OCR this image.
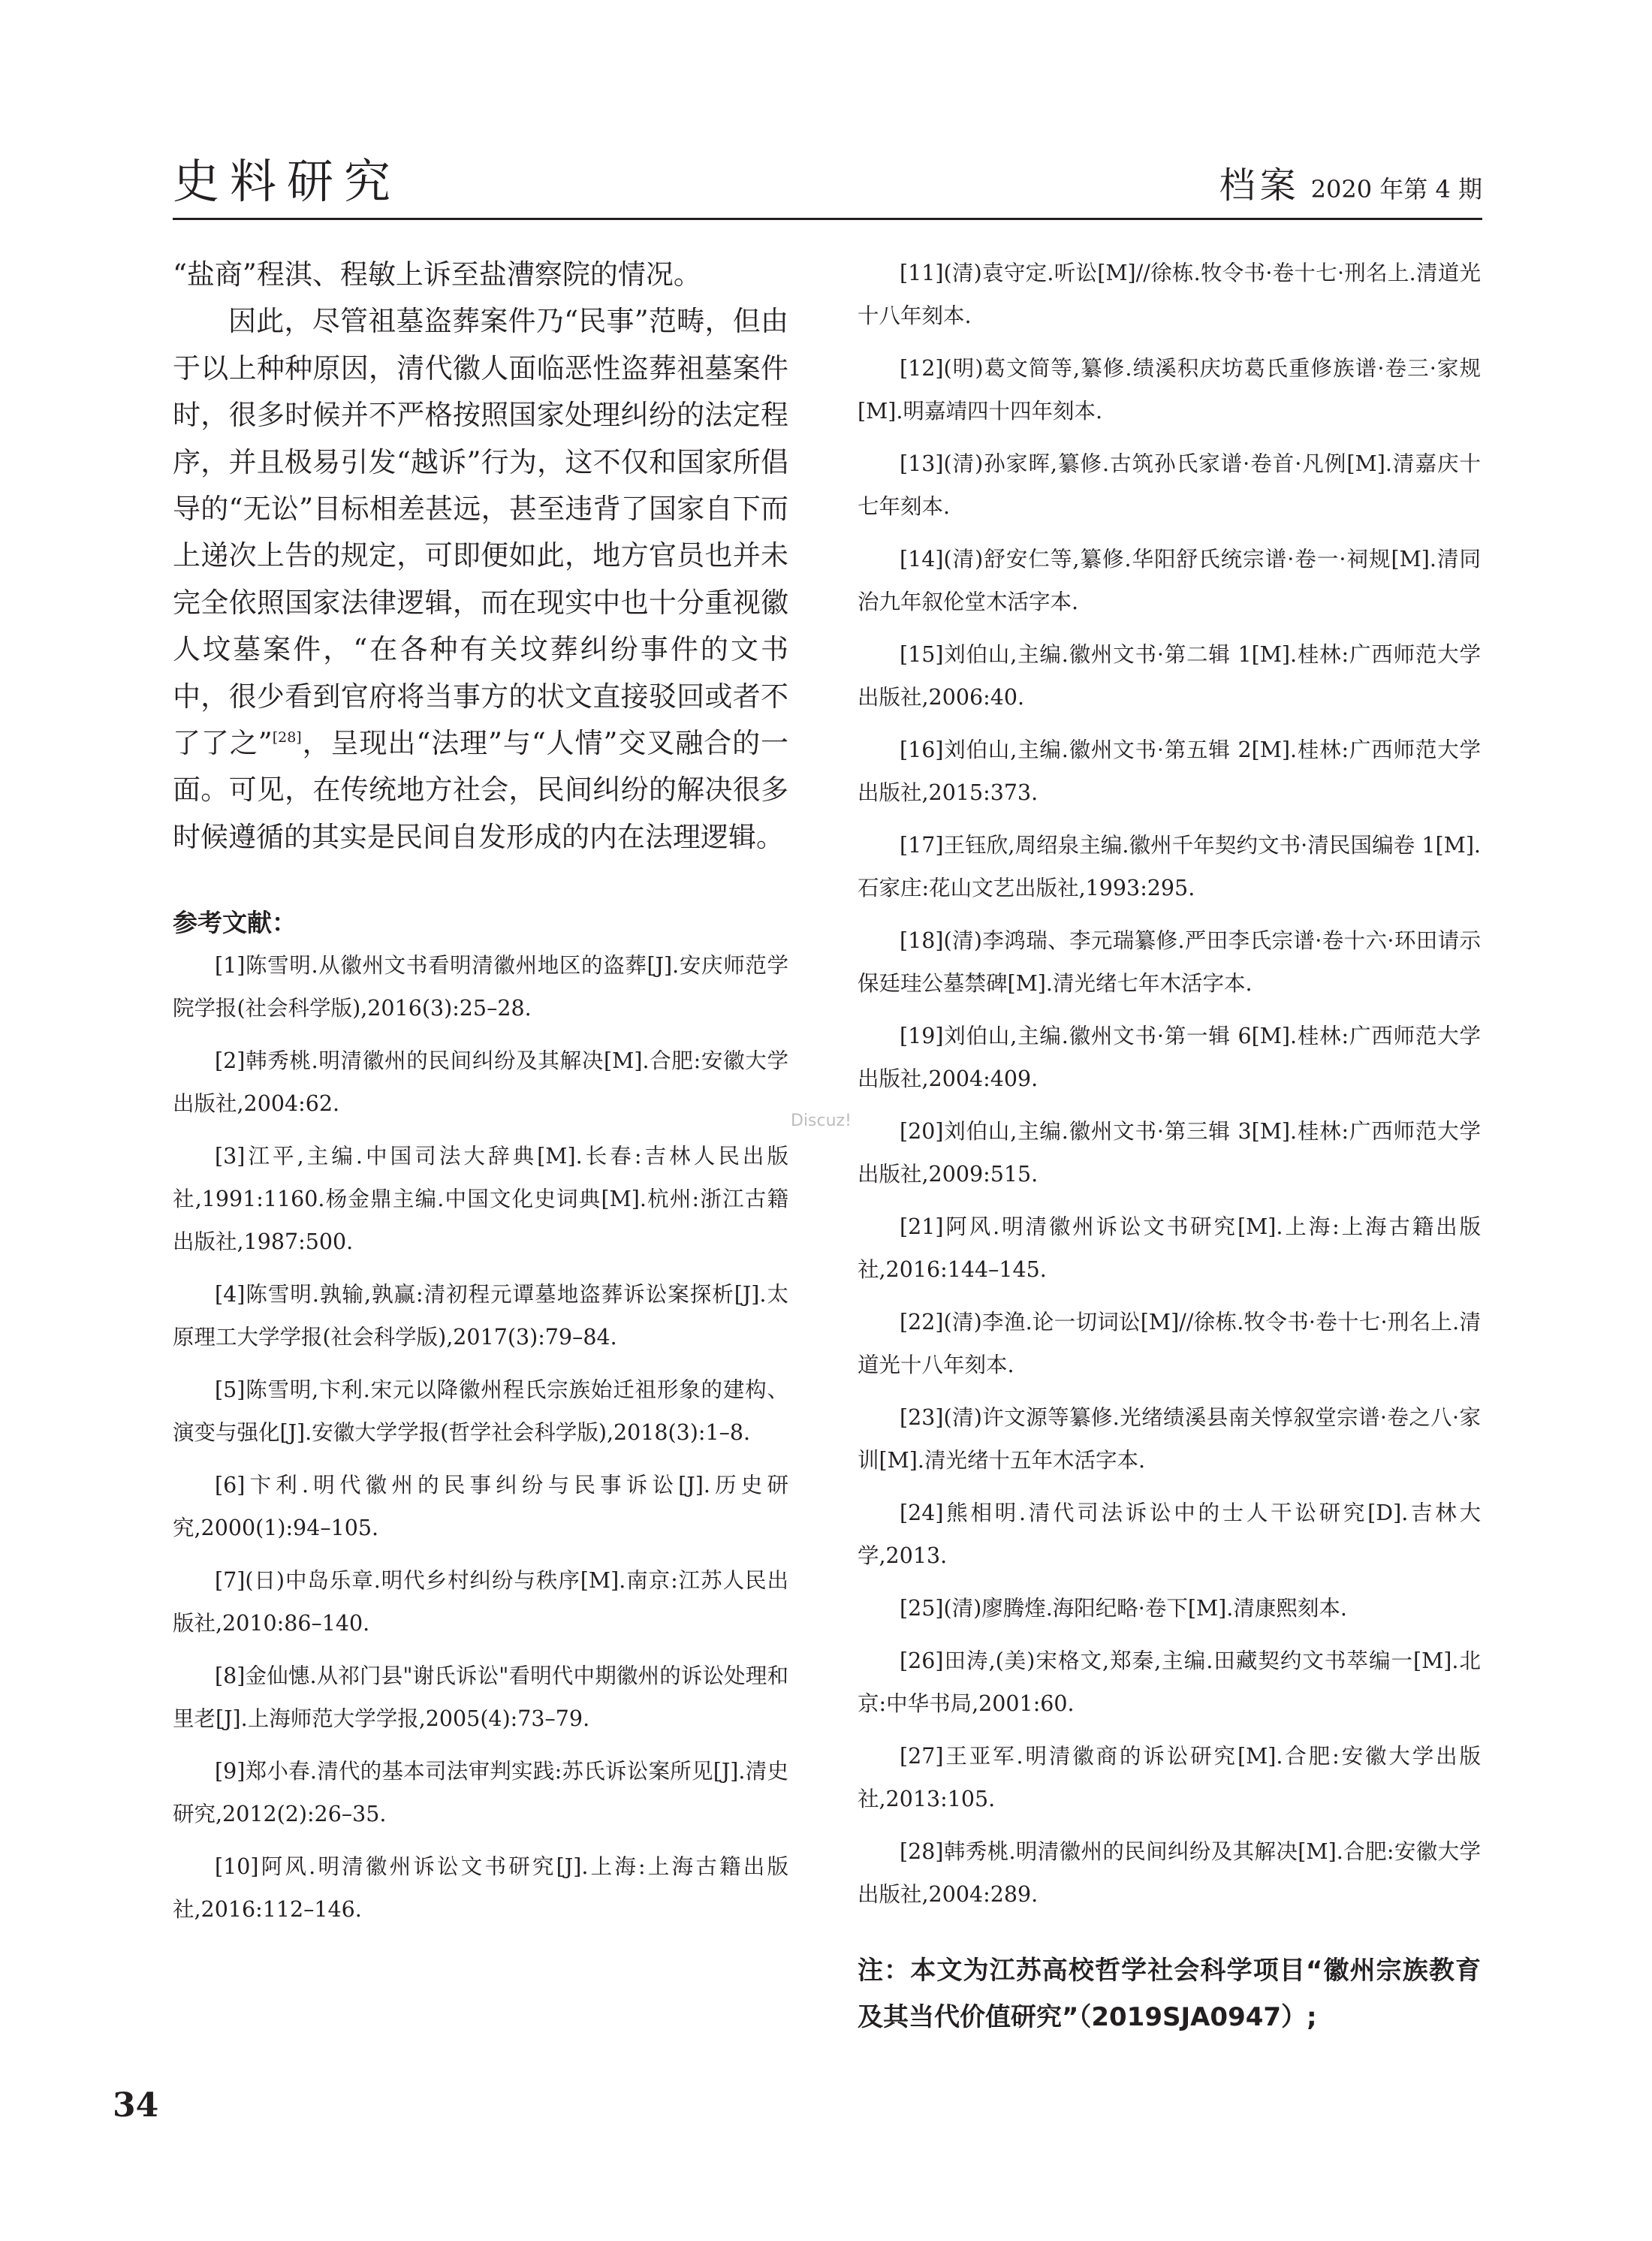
史料研究	档案 2020 年第 4 期

“盐商”程淇、程敏上诉至盐漕察院的情况。

因此，尽管祖墓盗葬案件乃“民事”范畴，但由于以上种种原因，清代徽人面临恶性盗葬祖墓案件时，很多时候并不严格按照国家处理纠纷的法定程序，并且极易引发“越诉”行为，这不仅和国家所倡导的“无讼”目标相差甚远，甚至违背了国家自下而上递次上告的规定，可即便如此，地方官员也并未完全依照国家法律逻辑，而在现实中也十分重视徽人坟墓案件，“在各种有关坟葬纠纷事件的文书中，很少看到官府将当事方的状文直接驳回或者不了了之”[28]，呈现出“法理”与“人情”交叉融合的一面。可见，在传统地方社会，民间纠纷的解决很多时候遵循的其实是民间自发形成的内在法理逻辑。

参考文献：

[1]陈雪明.从徽州文书看明清徽州地区的盗葬[J].安庆师范学院学报(社会科学版),2016(3):25–28.

[2]韩秀桃.明清徽州的民间纠纷及其解决[M].合肥:安徽大学出版社,2004:62.

[3]江平,主编.中国司法大辞典[M].长春:吉林人民出版社,1991:1160.杨金鼎主编.中国文化史词典[M].杭州:浙江古籍出版社,1987:500.

[4]陈雪明.孰输,孰赢:清初程元谭墓地盗葬诉讼案探析[J].太原理工大学学报(社会科学版),2017(3):79–84.

[5]陈雪明,卞利.宋元以降徽州程氏宗族始迁祖形象的建构、演变与强化[J].安徽大学学报(哲学社会科学版),2018(3):1–8.

[6]卞利.明代徽州的民事纠纷与民事诉讼[J].历史研究,2000(1):94–105.

[7](日)中岛乐章.明代乡村纠纷与秩序[M].南京:江苏人民出版社,2010:86–140.

[8]金仙憓.从祁门县"谢氏诉讼"看明代中期徽州的诉讼处理和里老[J].上海师范大学学报,2005(4):73–79.

[9]郑小春.清代的基本司法审判实践:苏氏诉讼案所见[J].清史研究,2012(2):26–35.

[10]阿风.明清徽州诉讼文书研究[J].上海:上海古籍出版社,2016:112–146.

[11](清)袁守定.听讼[M]//徐栋.牧令书·卷十七·刑名上.清道光十八年刻本.

[12](明)葛文简等,纂修.绩溪积庆坊葛氏重修族谱·卷三·家规[M].明嘉靖四十四年刻本.

[13](清)孙家晖,纂修.古筑孙氏家谱·卷首·凡例[M].清嘉庆十七年刻本.

[14](清)舒安仁等,纂修.华阳舒氏统宗谱·卷一·祠规[M].清同治九年叙伦堂木活字本.

[15]刘伯山,主编.徽州文书·第二辑 1[M].桂林:广西师范大学出版社,2006:40.

[16]刘伯山,主编.徽州文书·第五辑 2[M].桂林:广西师范大学出版社,2015:373.

[17]王钰欣,周绍泉主编.徽州千年契约文书·清民国编卷 1[M].石家庄:花山文艺出版社,1993:295.

[18](清)李鸿瑞、李元瑞纂修.严田李氏宗谱·卷十六·环田请示保廷珪公墓禁碑[M].清光绪七年木活字本.

[19]刘伯山,主编.徽州文书·第一辑 6[M].桂林:广西师范大学出版社,2004:409.

[20]刘伯山,主编.徽州文书·第三辑 3[M].桂林:广西师范大学出版社,2009:515.

[21]阿风.明清徽州诉讼文书研究[M].上海:上海古籍出版社,2016:144–145.

[22](清)李渔.论一切词讼[M]//徐栋.牧令书·卷十七·刑名上.清道光十八年刻本.

[23](清)许文源等纂修.光绪绩溪县南关惇叙堂宗谱·卷之八·家训[M].清光绪十五年木活字本.

[24]熊相明.清代司法诉讼中的士人干讼研究[D].吉林大学,2013.

[25](清)廖腾煃.海阳纪略·卷下[M].清康熙刻本.

[26]田涛,(美)宋格文,郑秦,主编.田藏契约文书萃编一[M].北京:中华书局,2001:60.

[27]王亚军.明清徽商的诉讼研究[M].合肥:安徽大学出版社,2013:105.

[28]韩秀桃.明清徽州的民间纠纷及其解决[M].合肥:安徽大学出版社,2004:289.

注：本文为江苏高校哲学社会科学项目“徽州宗族教育及其当代价值研究”（2019SJA0947）;
Discuz!
34
